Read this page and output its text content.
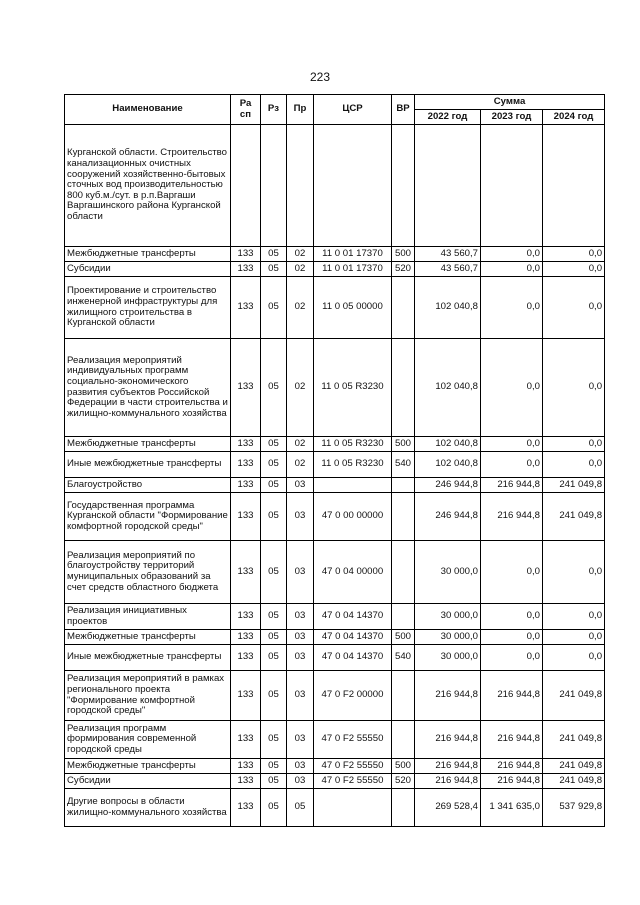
223
Наименование	Ра сп	Рз	Пр	ЦСР	ВР	Сумма		
						2022 год	2023 год	2024 год
Курганской области. Строительство канализационных очистных сооружений хозяйственно-бытовых сточных вод производительностью 800 куб.м./сут. в р.п.Варгаши Варгашинского района Курганской области								
Межбюджетные трансферты	133	05	02	11 0 01 17370	500	43 560,7	0,0	0,0
Субсидии	133	05	02	11 0 01 17370	520	43 560,7	0,0	0,0
Проектирование и строительство инженерной инфраструктуры для жилищного строительства в Курганской области	133	05	02	11 0 05 00000		102 040,8	0,0	0,0
Реализация мероприятий индивидуальных программ социально-экономического развития субъектов Российской Федерации в части строительства и жилищно-коммунального хозяйства	133	05	02	11 0 05 R3230		102 040,8	0,0	0,0
Межбюджетные трансферты	133	05	02	11 0 05 R3230	500	102 040,8	0,0	0,0
Иные межбюджетные трансферты	133	05	02	11 0 05 R3230	540	102 040,8	0,0	0,0
Благоустройство	133	05	03			246 944,8	216 944,8	241 049,8
Государственная программа Курганской области "Формирование комфортной городской среды"	133	05	03	47 0 00 00000		246 944,8	216 944,8	241 049,8
Реализация мероприятий по благоустройству территорий муниципальных образований за счет средств областного бюджета	133	05	03	47 0 04 00000		30 000,0	0,0	0,0
Реализация инициативных проектов	133	05	03	47 0 04 14370		30 000,0	0,0	0,0
Межбюджетные трансферты	133	05	03	47 0 04 14370	500	30 000,0	0,0	0,0
Иные межбюджетные трансферты	133	05	03	47 0 04 14370	540	30 000,0	0,0	0,0
Реализация мероприятий в рамках регионального проекта "Формирование комфортной городской среды"	133	05	03	47 0 F2 00000		216 944,8	216 944,8	241 049,8
Реализация программ формирования современной городской среды	133	05	03	47 0 F2 55550		216 944,8	216 944,8	241 049,8
Межбюджетные трансферты	133	05	03	47 0 F2 55550	500	216 944,8	216 944,8	241 049,8
Субсидии	133	05	03	47 0 F2 55550	520	216 944,8	216 944,8	241 049,8
Другие вопросы в области жилищно-коммунального хозяйства	133	05	05			269 528,4	1 341 635,0	537 929,8
